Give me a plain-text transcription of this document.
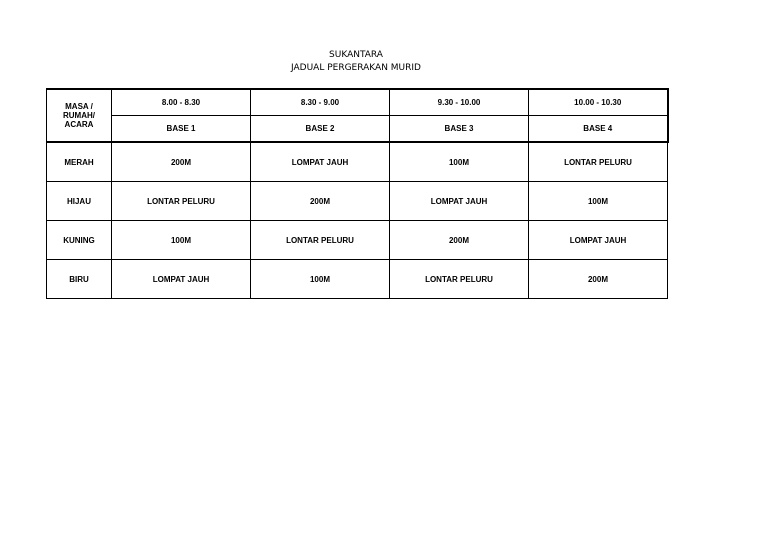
SUKANTARA
JADUAL PERGERAKAN MURID
MASA / RUMAH/ ACARA	8.00 - 8.30	8.30 - 9.00	9.30 - 10.00	10.00 - 10.30
	BASE 1	BASE 2	BASE 3	BASE 4
MERAH	200M	LOMPAT JAUH	100M	LONTAR PELURU
HIJAU	LONTAR PELURU	200M	LOMPAT JAUH	100M
KUNING	100M	LONTAR PELURU	200M	LOMPAT JAUH
BIRU	LOMPAT JAUH	100M	LONTAR PELURU	200M
